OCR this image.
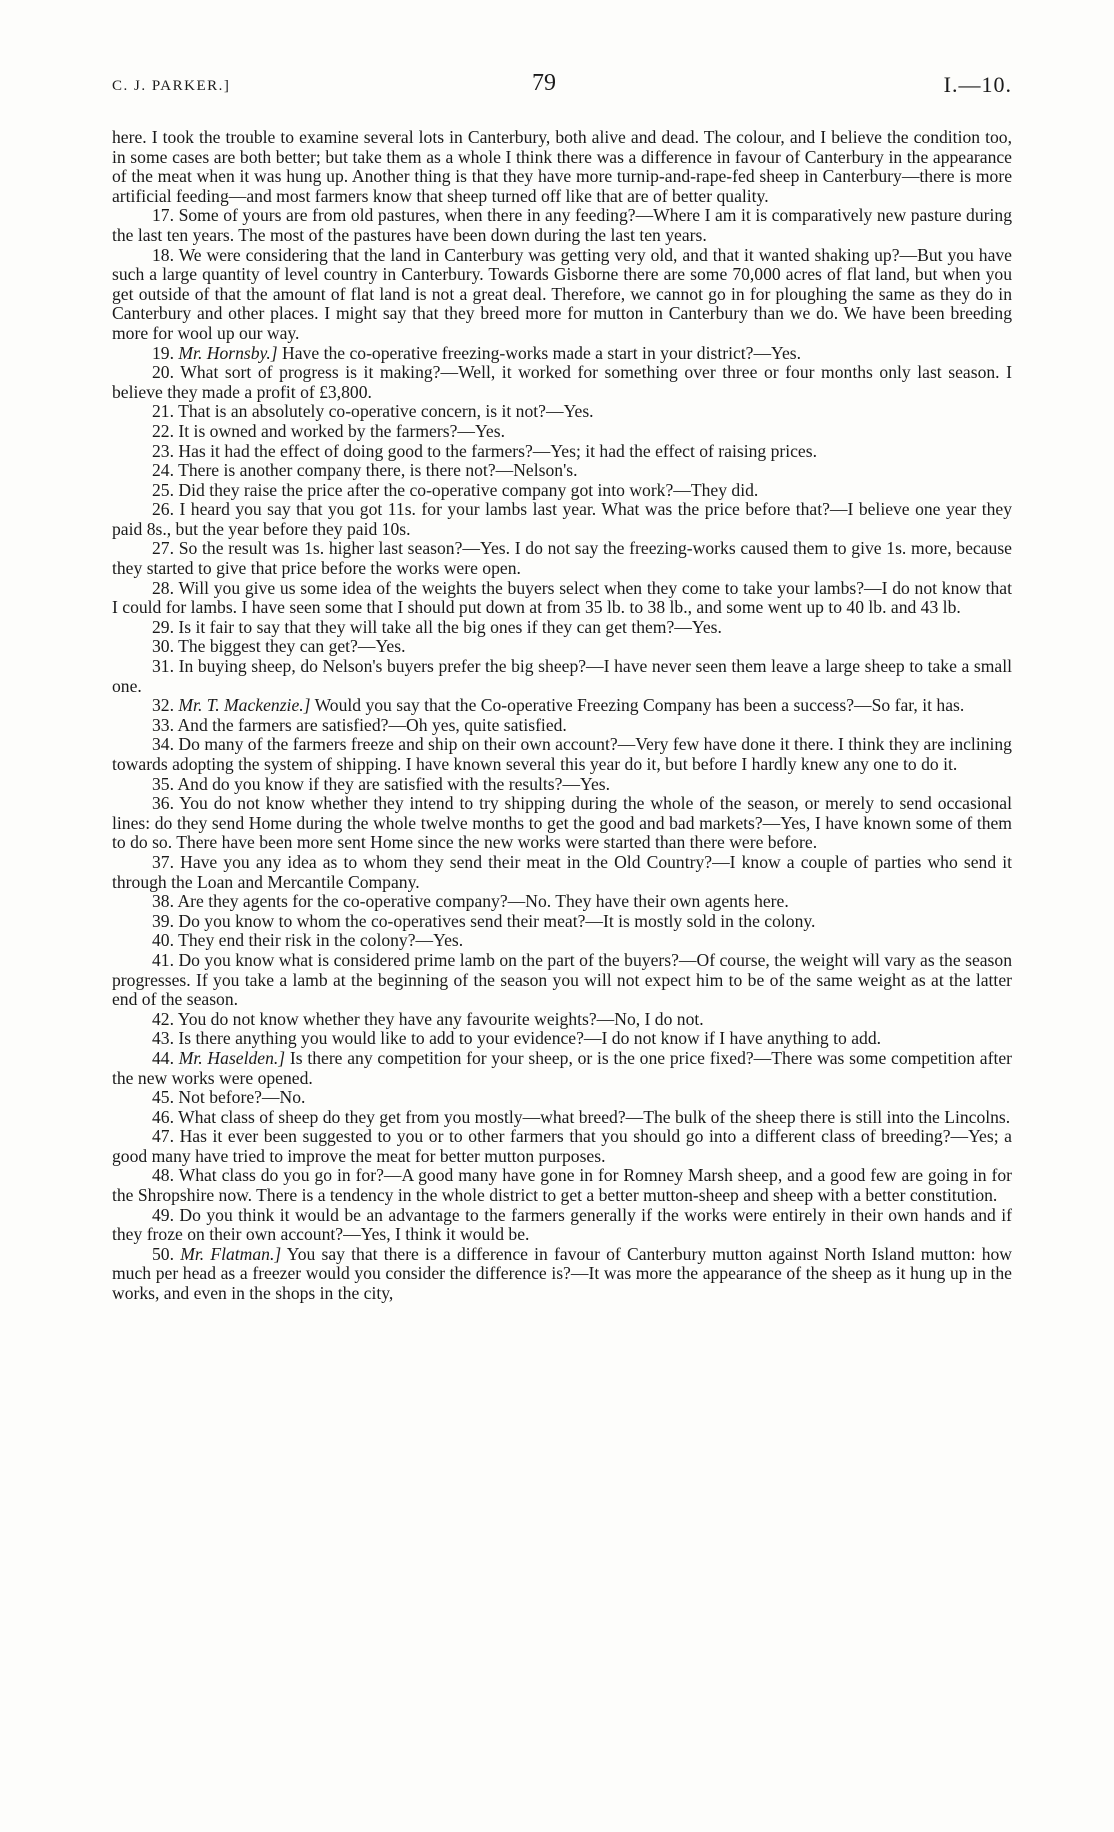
C. J. PARKER.]	79	I.—10.

here. I took the trouble to examine several lots in Canterbury, both alive and dead. The colour, and I believe the condition too, in some cases are both better; but take them as a whole I think there was a difference in favour of Canterbury in the appearance of the meat when it was hung up. Another thing is that they have more turnip-and-rape-fed sheep in Canterbury—there is more artificial feeding—and most farmers know that sheep turned off like that are of better quality.

17. Some of yours are from old pastures, when there in any feeding?—Where I am it is comparatively new pasture during the last ten years. The most of the pastures have been down during the last ten years.

18. We were considering that the land in Canterbury was getting very old, and that it wanted shaking up?—But you have such a large quantity of level country in Canterbury. Towards Gisborne there are some 70,000 acres of flat land, but when you get outside of that the amount of flat land is not a great deal. Therefore, we cannot go in for ploughing the same as they do in Canterbury and other places. I might say that they breed more for mutton in Canterbury than we do. We have been breeding more for wool up our way.

19. Mr. Hornsby.] Have the co-operative freezing-works made a start in your district?—Yes.

20. What sort of progress is it making?—Well, it worked for something over three or four months only last season. I believe they made a profit of £3,800.

21. That is an absolutely co-operative concern, is it not?—Yes.

22. It is owned and worked by the farmers?—Yes.

23. Has it had the effect of doing good to the farmers?—Yes; it had the effect of raising prices.

24. There is another company there, is there not?—Nelson's.

25. Did they raise the price after the co-operative company got into work?—They did.

26. I heard you say that you got 11s. for your lambs last year. What was the price before that?—I believe one year they paid 8s., but the year before they paid 10s.

27. So the result was 1s. higher last season?—Yes. I do not say the freezing-works caused them to give 1s. more, because they started to give that price before the works were open.

28. Will you give us some idea of the weights the buyers select when they come to take your lambs?—I do not know that I could for lambs. I have seen some that I should put down at from 35 lb. to 38 lb., and some went up to 40 lb. and 43 lb.

29. Is it fair to say that they will take all the big ones if they can get them?—Yes.

30. The biggest they can get?—Yes.

31. In buying sheep, do Nelson's buyers prefer the big sheep?—I have never seen them leave a large sheep to take a small one.

32. Mr. T. Mackenzie.] Would you say that the Co-operative Freezing Company has been a success?—So far, it has.

33. And the farmers are satisfied?—Oh yes, quite satisfied.

34. Do many of the farmers freeze and ship on their own account?—Very few have done it there. I think they are inclining towards adopting the system of shipping. I have known several this year do it, but before I hardly knew any one to do it.

35. And do you know if they are satisfied with the results?—Yes.

36. You do not know whether they intend to try shipping during the whole of the season, or merely to send occasional lines: do they send Home during the whole twelve months to get the good and bad markets?—Yes, I have known some of them to do so. There have been more sent Home since the new works were started than there were before.

37. Have you any idea as to whom they send their meat in the Old Country?—I know a couple of parties who send it through the Loan and Mercantile Company.

38. Are they agents for the co-operative company?—No. They have their own agents here.

39. Do you know to whom the co-operatives send their meat?—It is mostly sold in the colony.

40. They end their risk in the colony?—Yes.

41. Do you know what is considered prime lamb on the part of the buyers?—Of course, the weight will vary as the season progresses. If you take a lamb at the beginning of the season you will not expect him to be of the same weight as at the latter end of the season.

42. You do not know whether they have any favourite weights?—No, I do not.

43. Is there anything you would like to add to your evidence?—I do not know if I have anything to add.

44. Mr. Haselden.] Is there any competition for your sheep, or is the one price fixed?—There was some competition after the new works were opened.

45. Not before?—No.

46. What class of sheep do they get from you mostly—what breed?—The bulk of the sheep there is still into the Lincolns.

47. Has it ever been suggested to you or to other farmers that you should go into a different class of breeding?—Yes; a good many have tried to improve the meat for better mutton purposes.

48. What class do you go in for?—A good many have gone in for Romney Marsh sheep, and a good few are going in for the Shropshire now. There is a tendency in the whole district to get a better mutton-sheep and sheep with a better constitution.

49. Do you think it would be an advantage to the farmers generally if the works were entirely in their own hands and if they froze on their own account?—Yes, I think it would be.

50. Mr. Flatman.] You say that there is a difference in favour of Canterbury mutton against North Island mutton: how much per head as a freezer would you consider the difference is?—It was more the appearance of the sheep as it hung up in the works, and even in the shops in the city,
